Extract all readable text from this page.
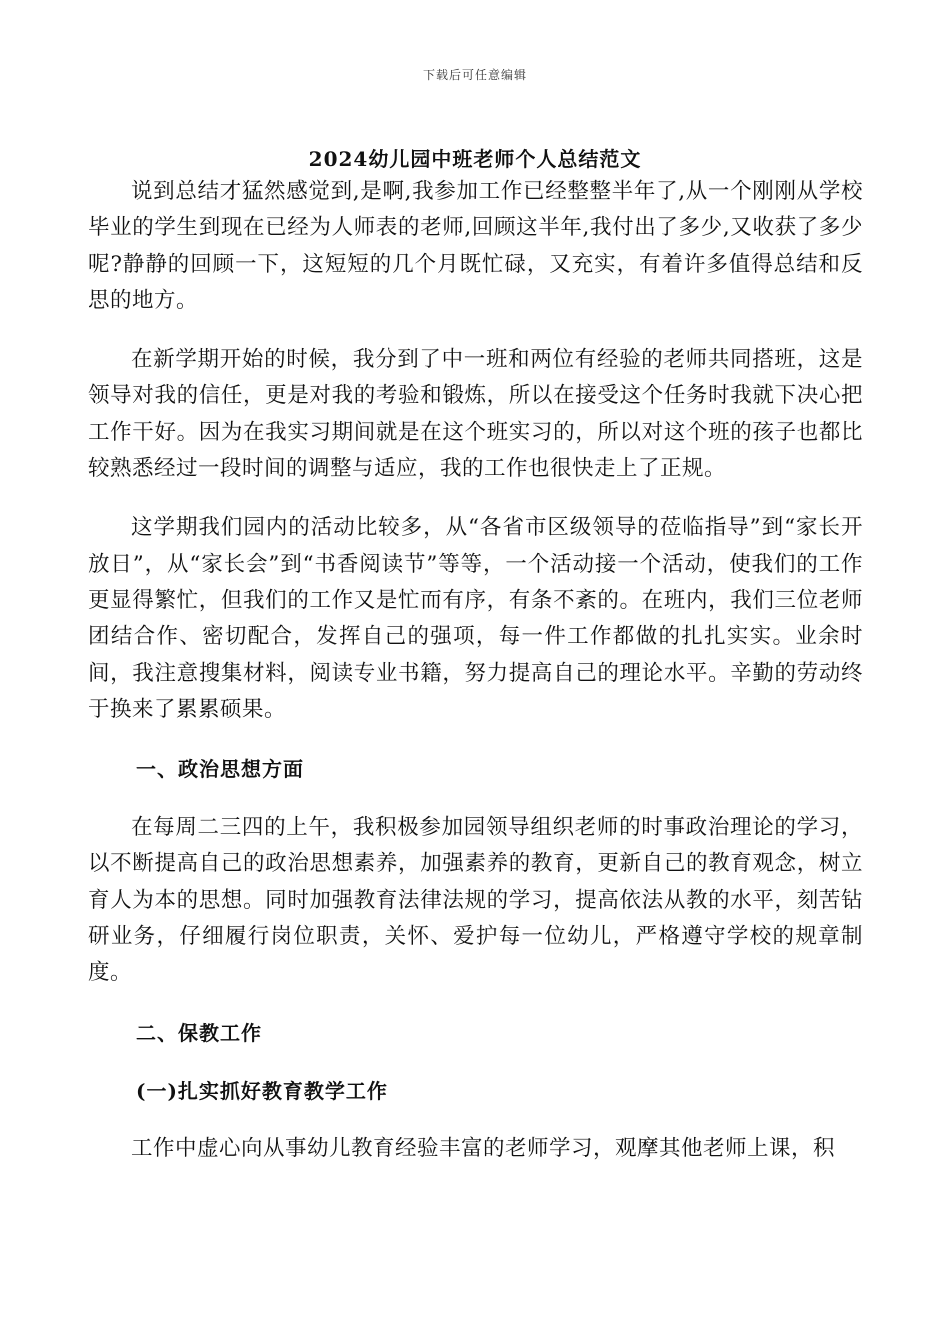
下载后可任意编辑
2024幼儿园中班老师个人总结范文

说到总结才猛然感觉到,是啊,我参加工作已经整整半年了,从一个刚刚从学校毕业的学生到现在已经为人师表的老师,回顾这半年,我付出了多少,又收获了多少呢?静静的回顾一下，这短短的几个月既忙碌，又充实，有着许多值得总结和反思的地方。

在新学期开始的时候，我分到了中一班和两位有经验的老师共同搭班，这是领导对我的信任，更是对我的考验和锻炼，所以在接受这个任务时我就下决心把工作干好。因为在我实习期间就是在这个班实习的，所以对这个班的孩子也都比较熟悉经过一段时间的调整与适应，我的工作也很快走上了正规。

这学期我们园内的活动比较多，从“各省市区级领导的莅临指导”到“家长开放日”，从“家长会”到“书香阅读节”等等，一个活动接一个活动，使我们的工作更显得繁忙，但我们的工作又是忙而有序，有条不紊的。在班内，我们三位老师团结合作、密切配合，发挥自己的强项，每一件工作都做的扎扎实实。业余时间，我注意搜集材料，阅读专业书籍，努力提高自己的理论水平。辛勤的劳动终于换来了累累硕果。

一、政治思想方面

在每周二三四的上午，我积极参加园领导组织老师的时事政治理论的学习，以不断提高自己的政治思想素养，加强素养的教育，更新自己的教育观念，树立育人为本的思想。同时加强教育法律法规的学习，提高依法从教的水平，刻苦钻研业务，仔细履行岗位职责，关怀、爱护每一位幼儿，严格遵守学校的规章制度。

二、保教工作

(一)扎实抓好教育教学工作

工作中虚心向从事幼儿教育经验丰富的老师学习，观摩其他老师上课，积
